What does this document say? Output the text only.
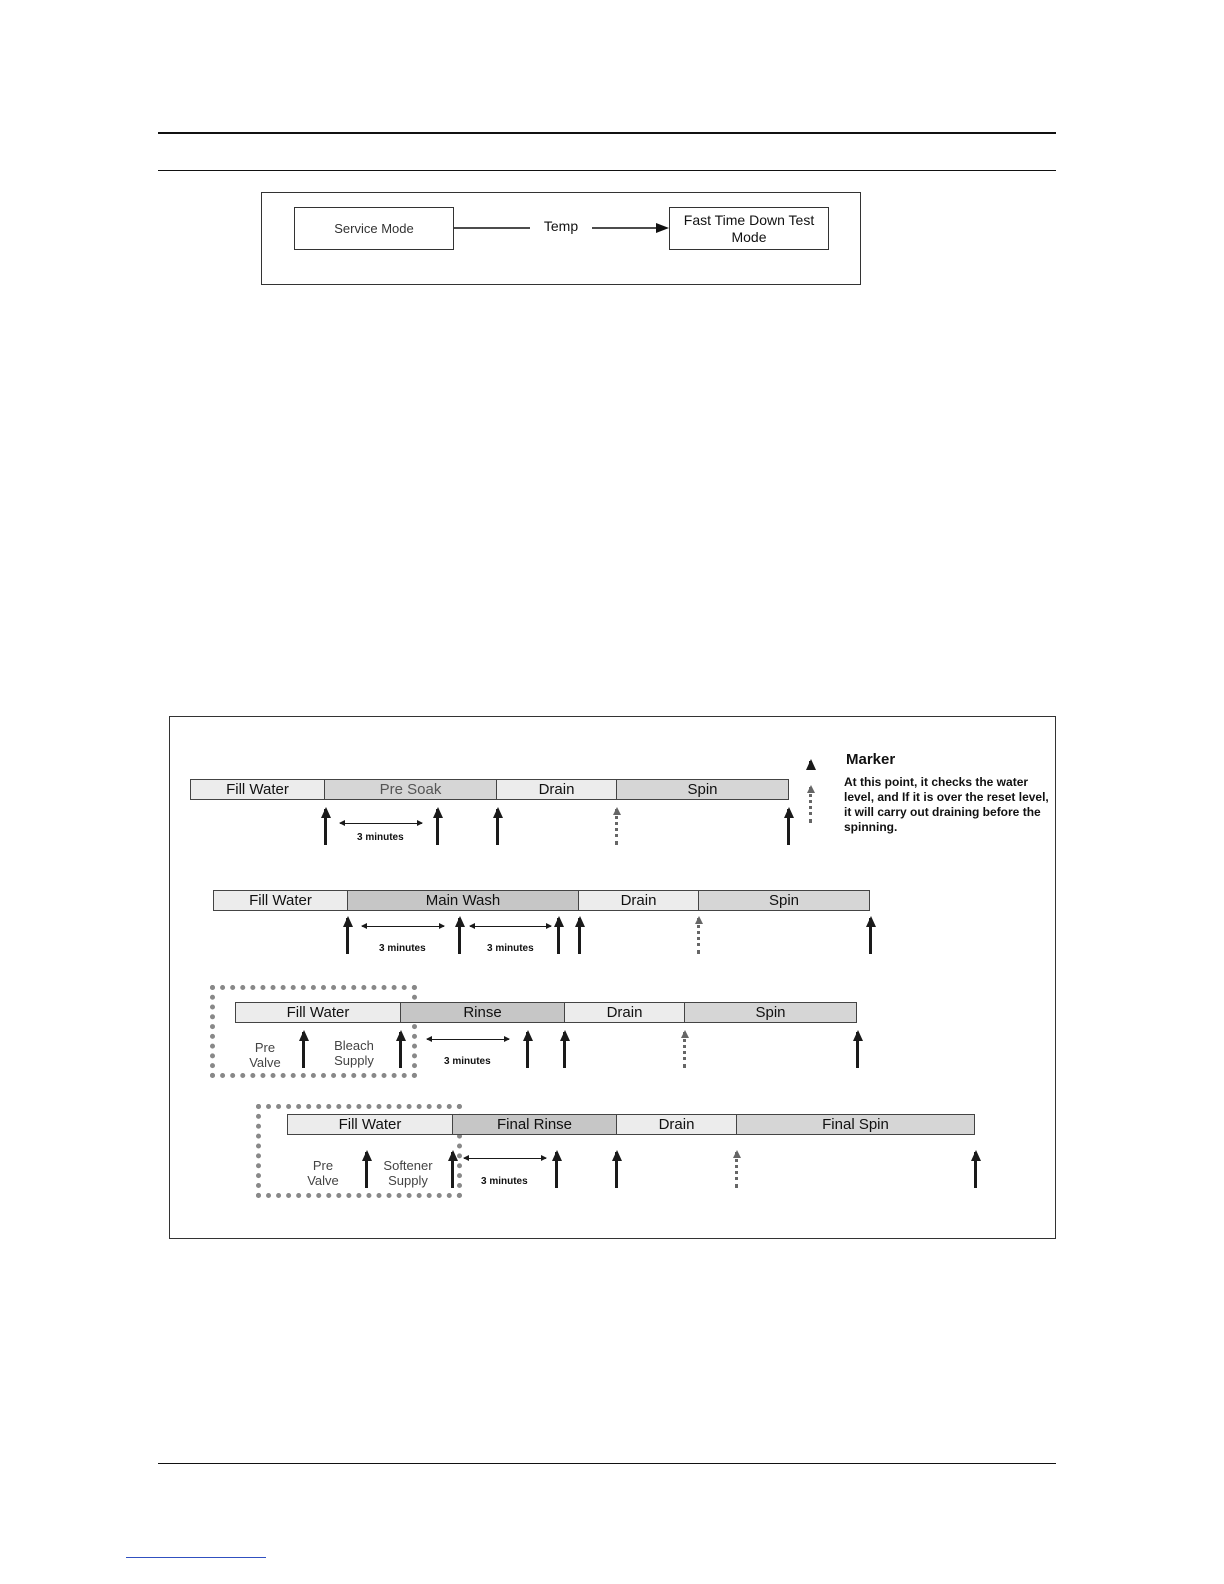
Service Mode
Fast Time Down Test
Mode
Temp
Marker
At this point, it checks the water level, and If it is over the reset level, it will carry out draining before the spinning.
Fill Water	Pre Soak	Drain	Spin
3 minutes
Fill Water	Main Wash	Drain	Spin
3 minutes	3 minutes
Fill Water	Rinse	Drain	Spin
Pre
Valve
Bleach
Supply	3 minutes
Fill Water	Final Rinse	Drain	Final Spin
Pre
Valve
Softener
Supply	3 minutes
